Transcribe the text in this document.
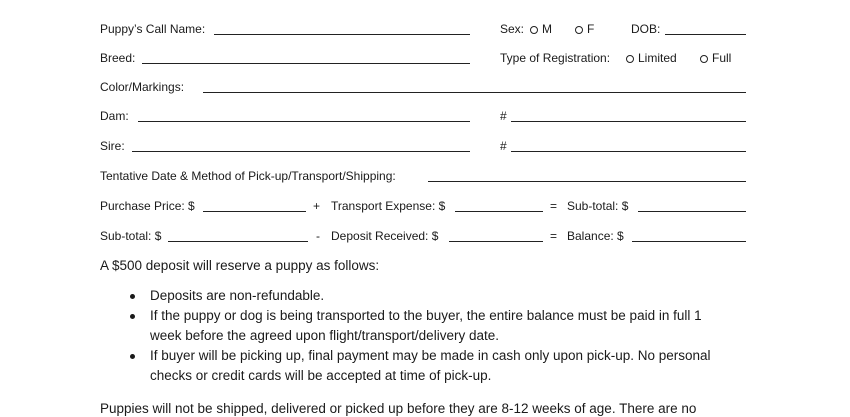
Puppy’s Call Name:	Sex:	M	F	DOB:
Breed:	Type of Registration:	Limited	Full
Color/Markings:
Dam:	#
Sire:	#
Tentative Date & Method of Pick-up/Transport/Shipping:
Purchase Price: $	+ Transport Expense: $	= Sub-total: $
Sub-total: $	- Deposit Received: $	= Balance: $
A $500 deposit will reserve a puppy as follows:
Deposits are non-refundable.
If the puppy or dog is being transported to the buyer, the entire balance must be paid in full 1
week before the agreed upon flight/transport/delivery date.
If buyer will be picking up, final payment may be made in cash only upon pick-up. No personal
checks or credit cards will be accepted at time of pick-up.
Puppies will not be shipped, delivered or picked up before they are 8-12 weeks of age. There are no
